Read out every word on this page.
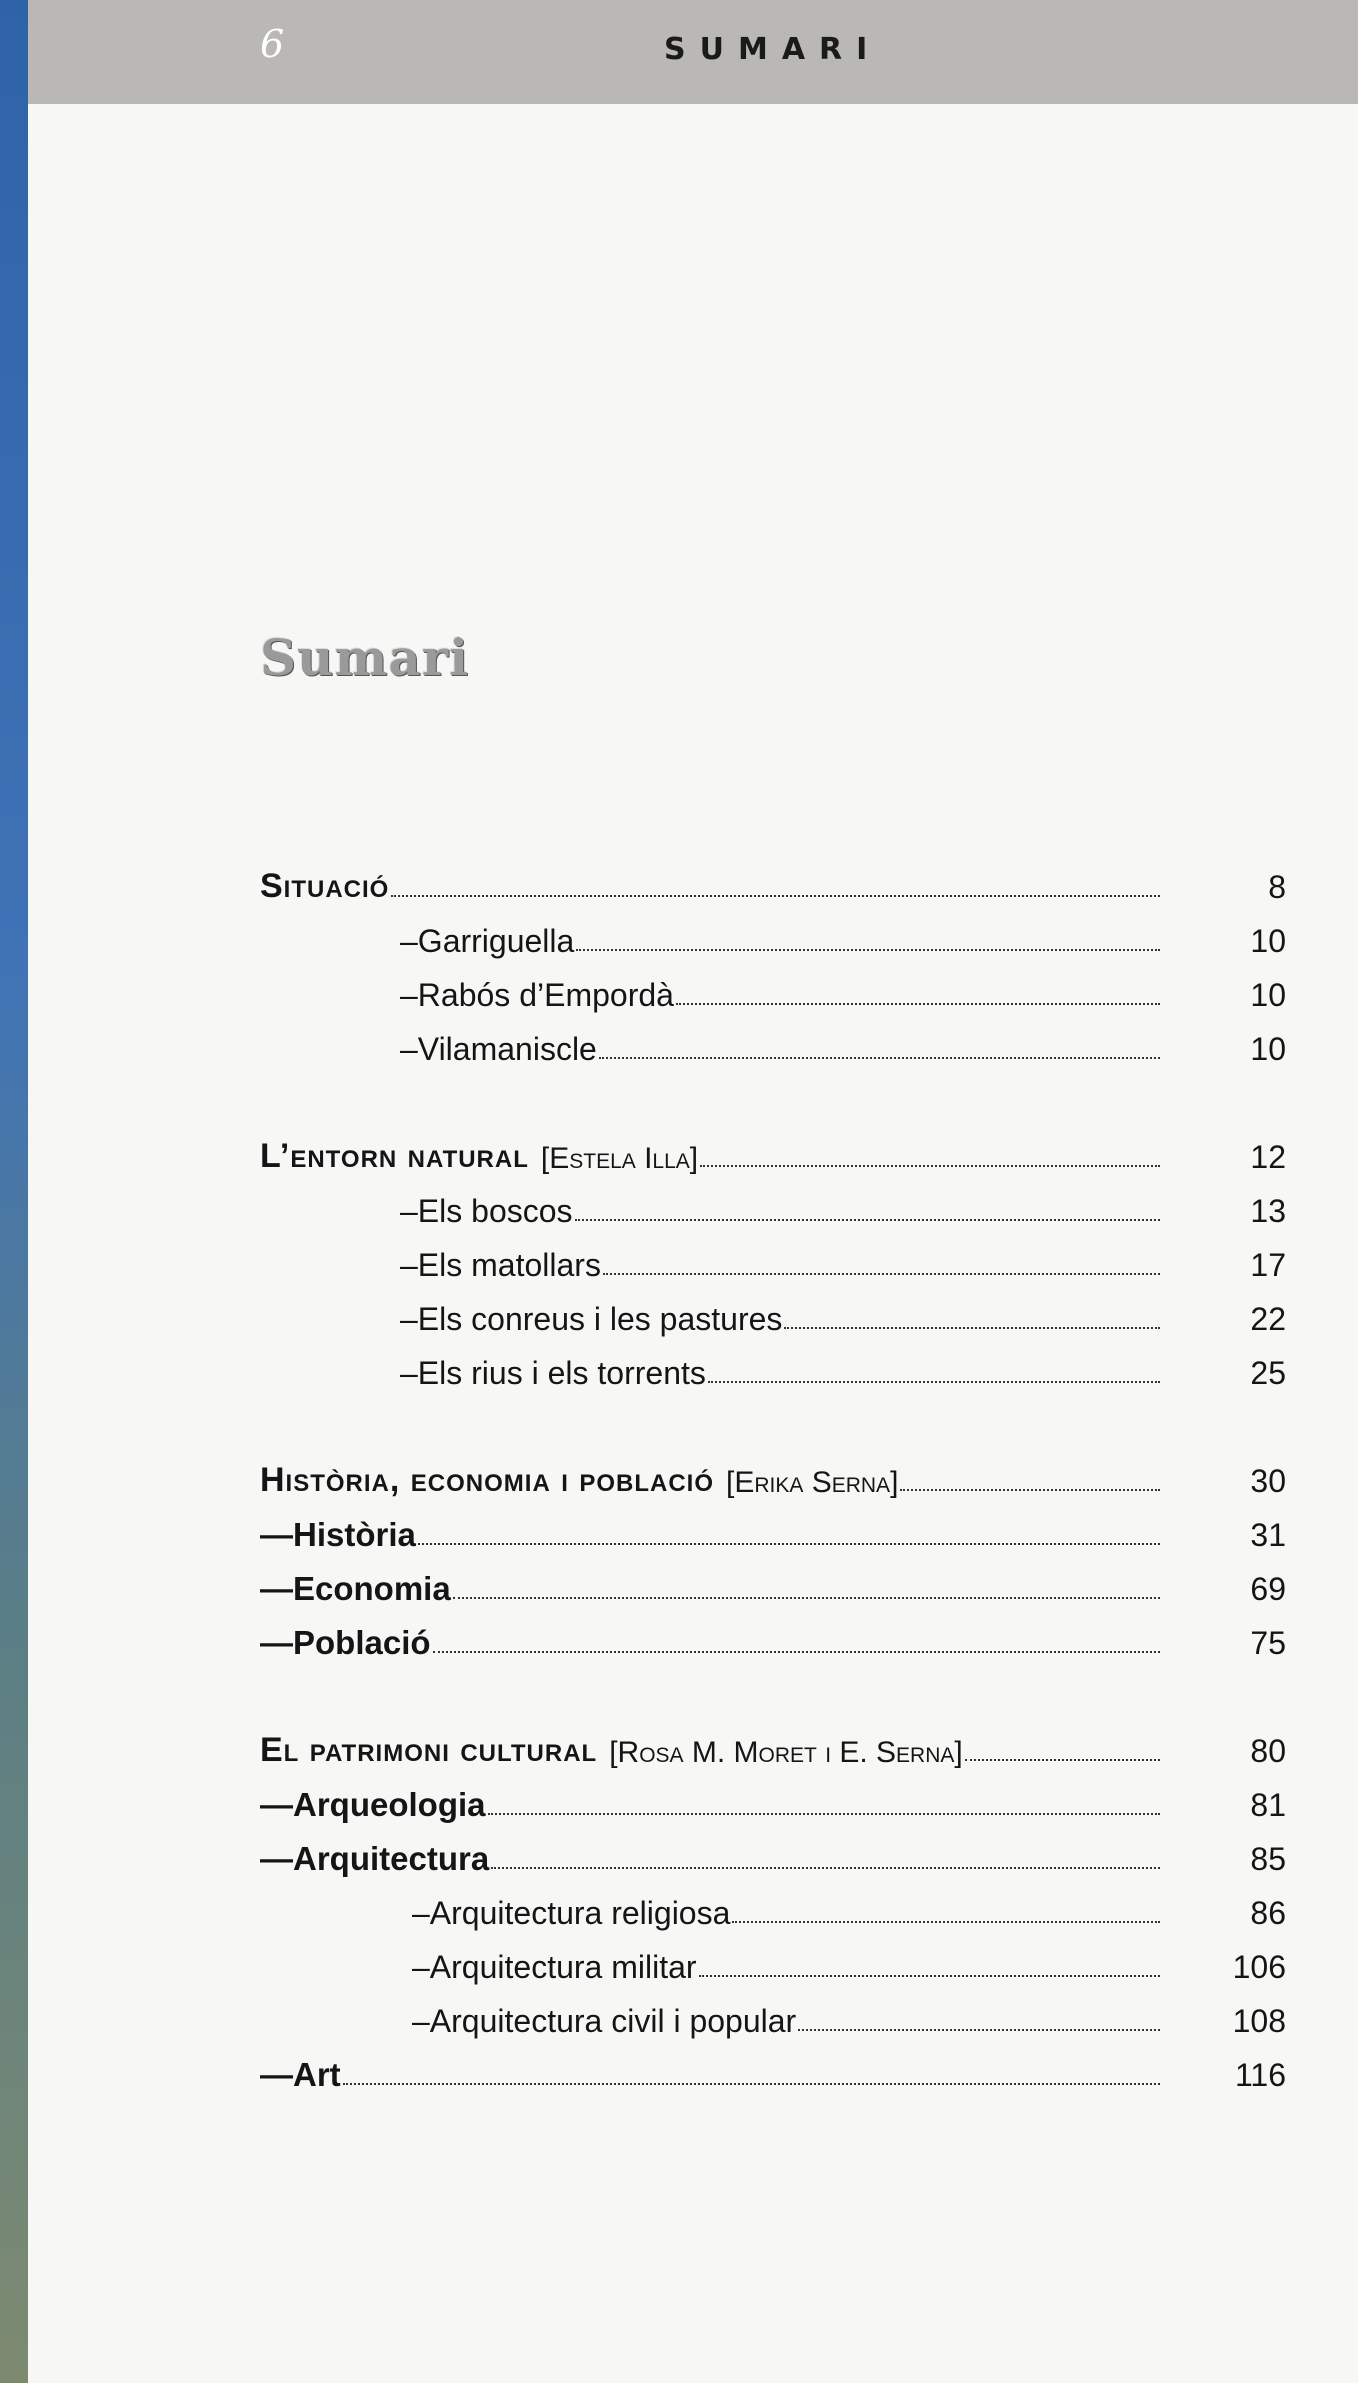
6	SUMARI
Sumari
Situació	8
–Garriguella	10
–Rabós d’Empordà	10
–Vilamaniscle	10
L’entorn natural [Estela Illa]	12
–Els boscos	13
–Els matollars	17
–Els conreus i les pastures	22
–Els rius i els torrents	25
Història, economia i població [Erika Serna]	30
—Història	31
—Economia	69
—Població	75
El patrimoni cultural [Rosa M. Moret i E. Serna]	80
—Arqueologia	81
—Arquitectura	85
–Arquitectura religiosa	86
–Arquitectura militar	106
–Arquitectura civil i popular	108
—Art	116
